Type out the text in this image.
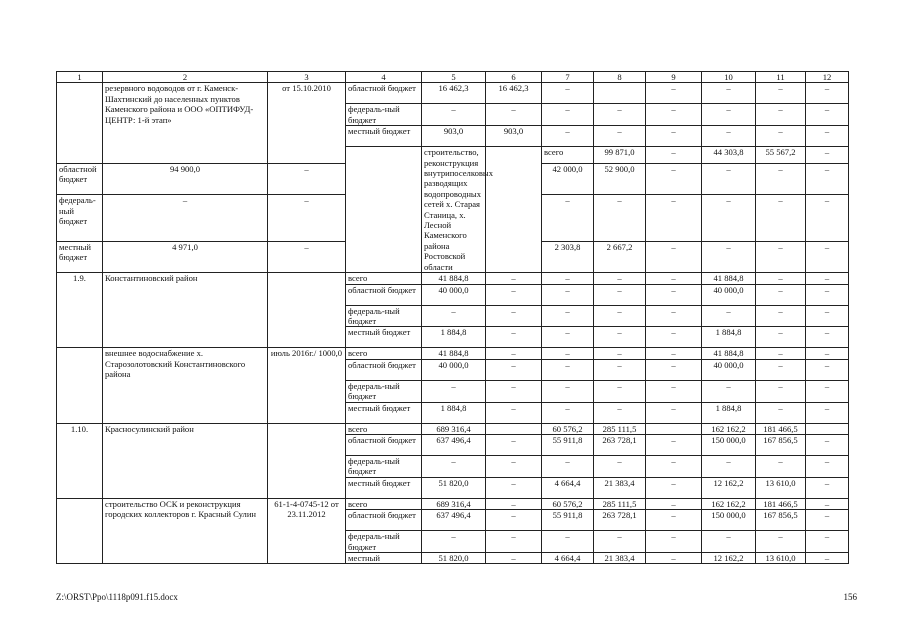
1	2	3	4	5	6	7	8	9	10	11	12	
	резервного водоводов от г. Каменск-Шахтинский до населенных пунктов Каменского района и ООО «ОПТИФУД-ЦЕНТР: 1-й этап»	от 15.10.2010	областной бюджет	16 462,3	16 462,3	–		–	–	–	–	
			федераль-ный бюджет	–	–	–	–	–	–	–	–	
			местный бюджет	903,0	903,0	–	–	–	–	–	–	
				строительство, реконструкция внутрипоселковых разводящих водопроводных сетей х. Старая Станица, х. Лесной Каменского района Ростовской области		всего	99 871,0	–	44 303,8	55 567,2	–			
областной бюджет	94 900,0	–				42 000,0	52 900,0	–	–	–	–	
федераль-ный бюджет	–	–				–	–	–	–	–	–	
местный бюджет	4 971,0	–				2 303,8	2 667,2	–	–	–	–	
1.9.	Константиновский район		всего	41 884,8	–	–	–	–	41 884,8	–	–	
			областной бюджет	40 000,0	–	–	–	–	40 000,0	–	–	
			федераль-ный бюджет	–	–	–	–	–	–	–	–	
			местный бюджет	1 884,8	–	–	–	–	1 884,8	–	–	
	внешнее водоснабжение х. Старозолотовский Константиновского района	июль 2016г./ 1000,0	всего	41 884,8	–	–	–	–	41 884,8	–	–	
			областной бюджет	40 000,0	–	–	–	–	40 000,0	–	–	
			федераль-ный бюджет	–	–	–	–	–	–	–	–	
			местный бюджет	1 884,8	–	–	–	–	1 884,8	–	–	
1.10.	Красносулинский район		всего	689 316,4		60 576,2	285 111,5		162 162,2	181 466,5		
			областной бюджет	637 496,4	–	55 911,8	263 728,1	–	150 000,0	167 856,5	–	
			федераль-ный бюджет	–	–	–	–	–	–	–	–	
			местный бюджет	51 820,0	–	4 664,4	21 383,4	–	12 162,2	13 610,0	–	
	строительство ОСК и реконструкция городских коллекторов г. Красный Сулин	61-1-4-0745-12 от 23.11.2012	всего	689 316,4	–	60 576,2	285 111,5	–	162 162,2	181 466,5	–	
			областной бюджет	637 496,4	–	55 911,8	263 728,1	–	150 000,0	167 856,5	–	
			федераль-ный бюджет	–	–	–	–	–	–	–	–	
			местный	51 820,0	–	4 664,4	21 383,4	–	12 162,2	13 610,0	–	
Z:\ORST\Ppo\1118p091.f15.docx	156
